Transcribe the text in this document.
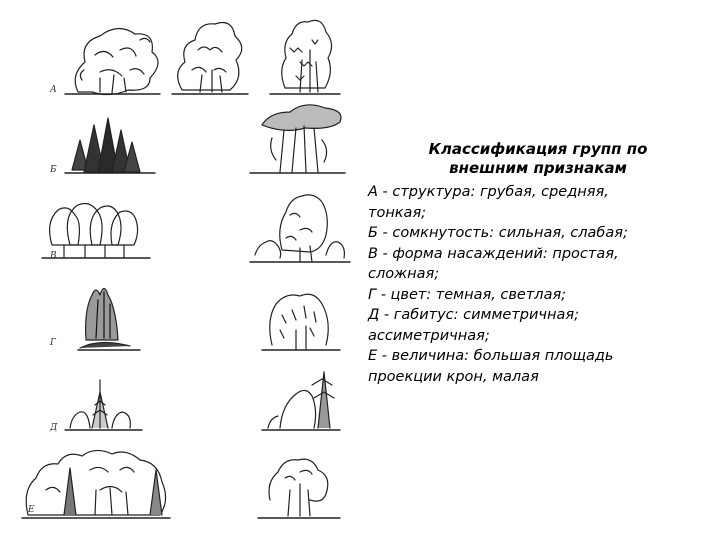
А
Б
В
Г
Д
Е
Классификация групп по
внешним признакам
А - структура: грубая, средняя,
тонкая;
Б - сомкнутость: сильная, слабая;
В - форма насаждений: простая,
сложная;
Г - цвет: темная, светлая;
Д - габитус: симметричная;
ассиметричная;
Е - величина: большая площадь
проекции крон, малая
